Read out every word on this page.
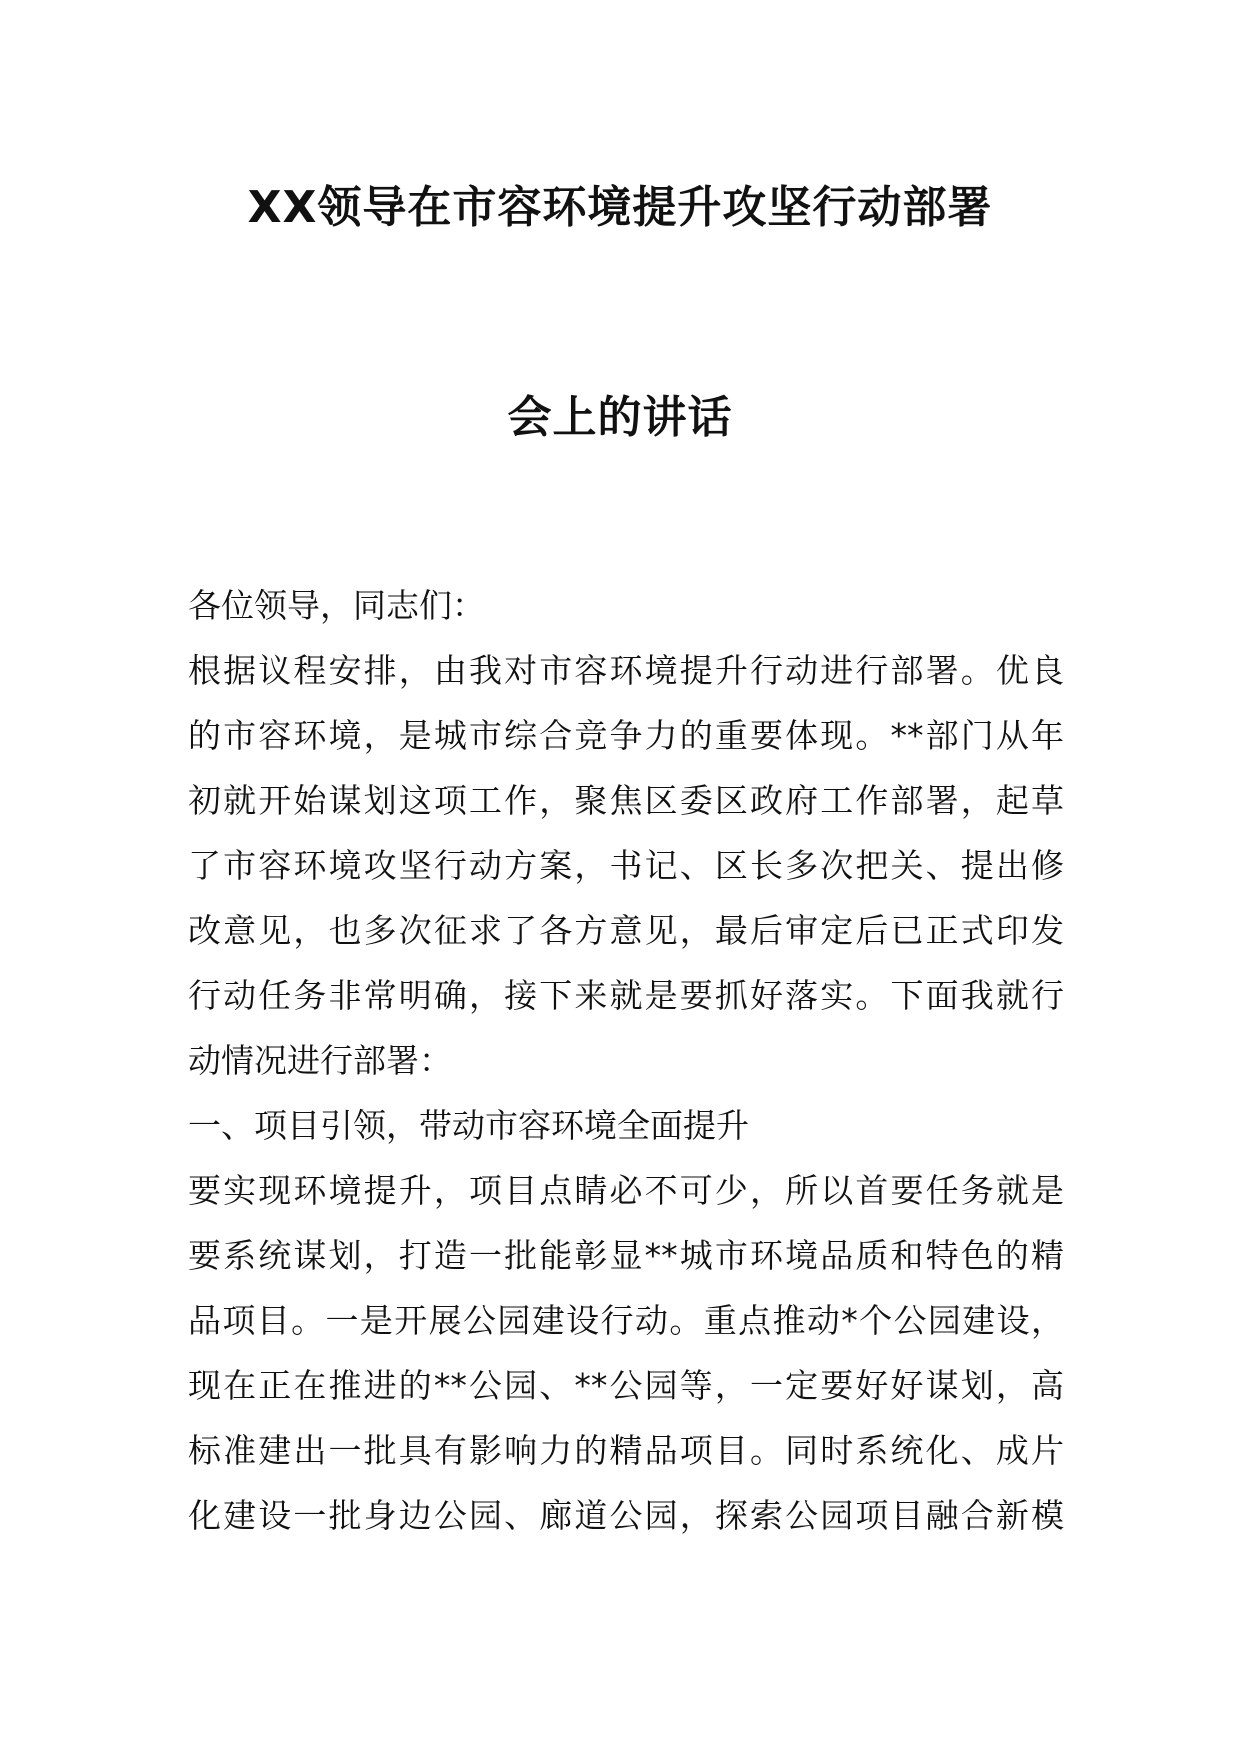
XX领导在市容环境提升攻坚行动部署
会上的讲话
各位领导，同志们：
根据议程安排，由我对市容环境提升行动进行部署。优良
的市容环境，是城市综合竞争力的重要体现。**部门从年
初就开始谋划这项工作，聚焦区委区政府工作部署，起草
了市容环境攻坚行动方案，书记、区长多次把关、提出修
改意见，也多次征求了各方意见，最后审定后已正式印发
行动任务非常明确，接下来就是要抓好落实。下面我就行
动情况进行部署：
一、项目引领，带动市容环境全面提升
要实现环境提升，项目点睛必不可少，所以首要任务就是
要系统谋划，打造一批能彰显**城市环境品质和特色的精
品项目。一是开展公园建设行动。重点推动*个公园建设，
现在正在推进的**公园、**公园等，一定要好好谋划，高
标准建出一批具有影响力的精品项目。同时系统化、成片
化建设一批身边公园、廊道公园，探索公园项目融合新模
